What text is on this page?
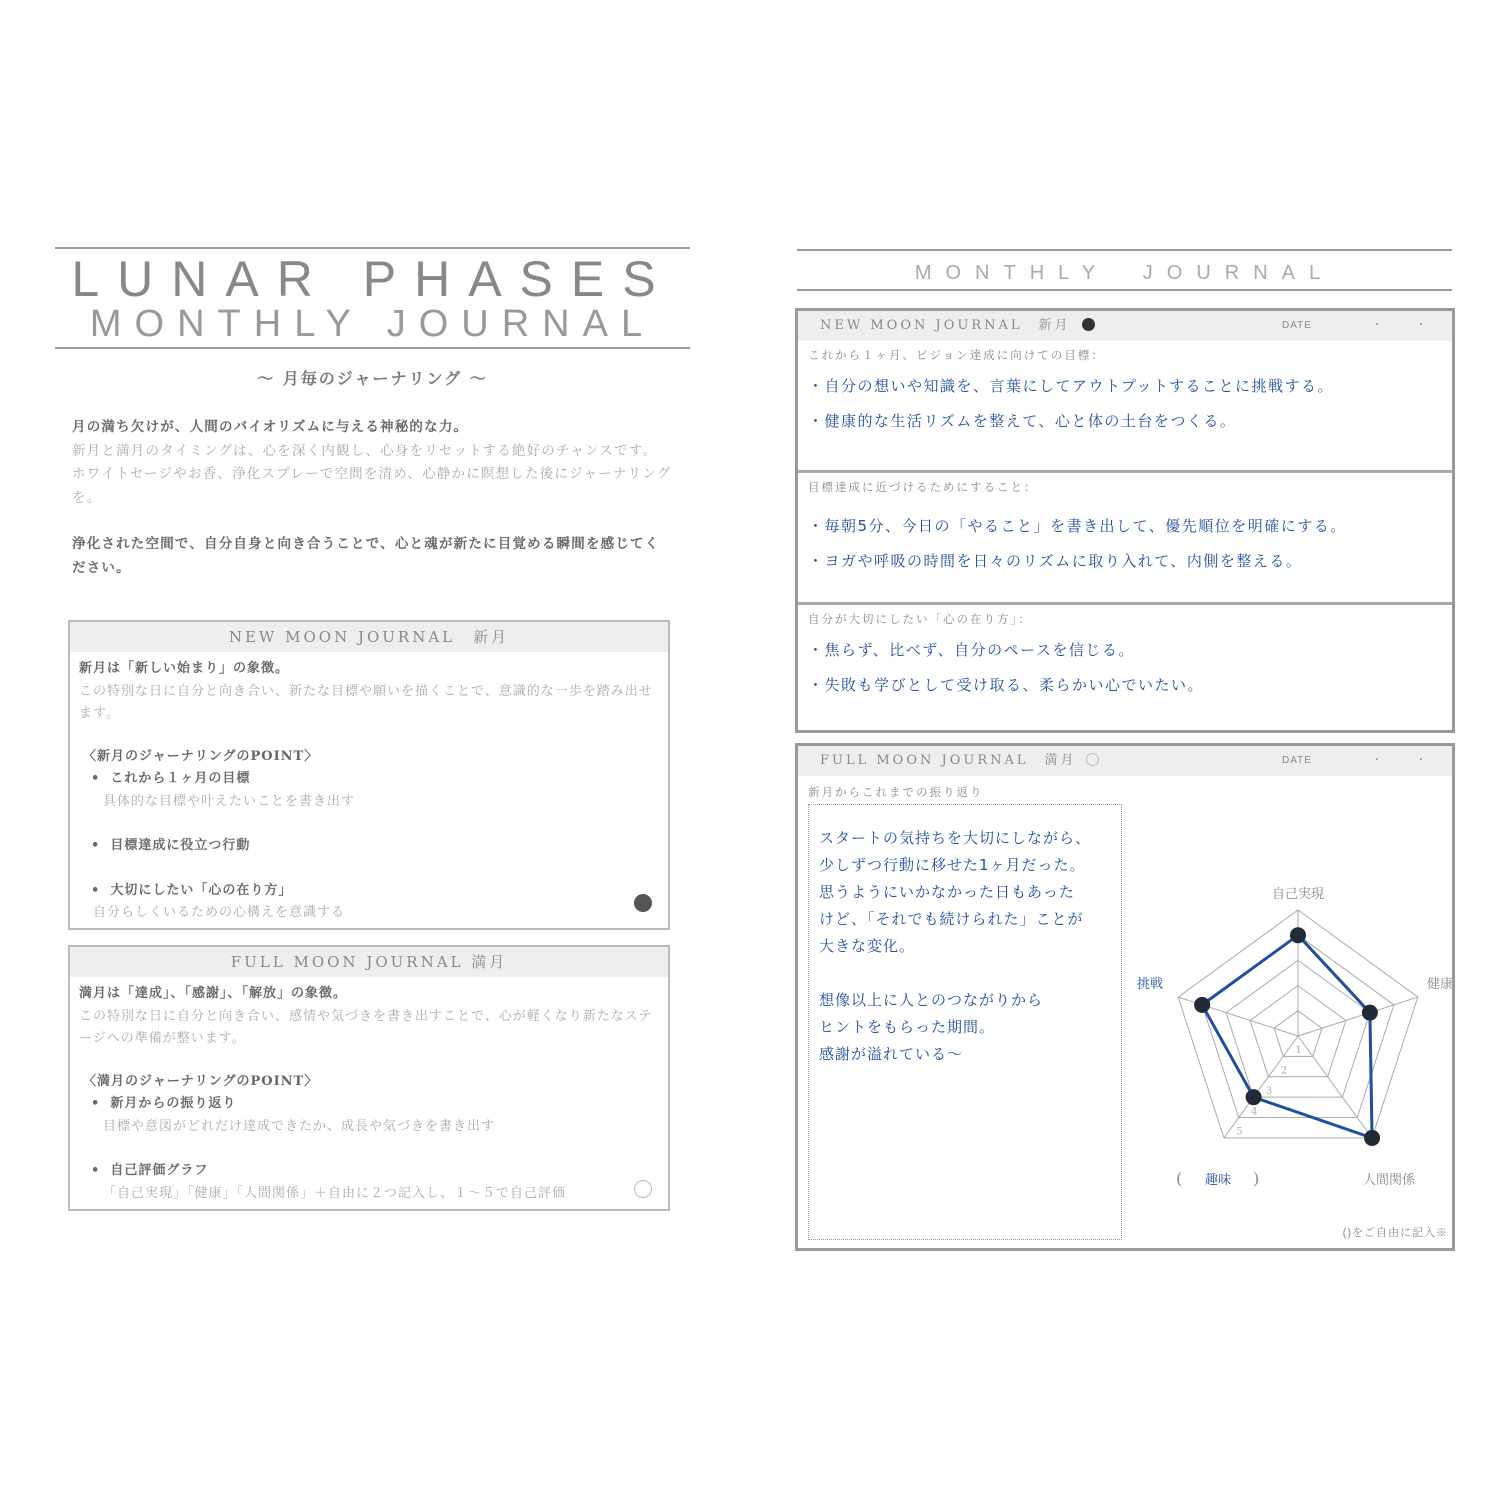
LUNAR PHASES
MONTHLY JOURNAL
〜 月毎のジャーナリング 〜
月の満ち欠けが、人間のバイオリズムに与える神秘的な力。
新月と満月のタイミングは、心を深く内観し、心身をリセットする絶好のチャンスです。
ホワイトセージやお香、浄化スプレーで空間を清め、心静かに瞑想した後にジャーナリングを。
浄化された空間で、自分自身と向き合うことで、心と魂が新たに目覚める瞬間を感じてください。
NEW MOON JOURNAL　新月
新月は「新しい始まり」の象徴。
この特別な日に自分と向き合い、新たな目標や願いを描くことで、意識的な一歩を踏み出せます。
〈新月のジャーナリングのPOINT〉
• これから１ヶ月の目標
具体的な目標や叶えたいことを書き出す
• 目標達成に役立つ行動
• 大切にしたい「心の在り方」
自分らしくいるための心構えを意識する
FULL MOON JOURNAL 満月
満月は「達成」、「感謝」、「解放」の象徴。
この特別な日に自分と向き合い、感情や気づきを書き出すことで、心が軽くなり新たなステージへの準備が整います。
〈満月のジャーナリングのPOINT〉
• 新月からの振り返り
目標や意図がどれだけ達成できたか、成長や気づきを書き出す
• 自己評価グラフ
「自己実現」「健康」「人間関係」＋自由に２つ記入し、１〜５で自己評価
MONTHLY　JOURNAL
NEW MOON JOURNAL　新月	DATE	・　　　・
これから１ヶ月、ビジョン達成に向けての目標：
・自分の想いや知識を、言葉にしてアウトプットすることに挑戦する。
・健康的な生活リズムを整えて、心と体の土台をつくる。
目標達成に近づけるためにすること：
・毎朝5分、今日の「やること」を書き出して、優先順位を明確にする。
・ヨガや呼吸の時間を日々のリズムに取り入れて、内側を整える。
自分が大切にしたい「心の在り方」：
・焦らず、比べず、自分のペースを信じる。
・失敗も学びとして受け取る、柔らかい心でいたい。
FULL MOON JOURNAL　満月	DATE	・　　　・
新月からこれまでの振り返り
スタートの気持ちを大切にしながら、
少しずつ行動に移せた1ヶ月だった。
思うようにいかなかった日もあった
けど、「それでも続けられた」ことが
大きな変化。
想像以上に人とのつながりから
ヒントをもらった期間。
感謝が溢れている〜
()をご自由に記入※
1
2
3
4
5
自己実現
健康
人間関係
趣味
挑戦
(	)
